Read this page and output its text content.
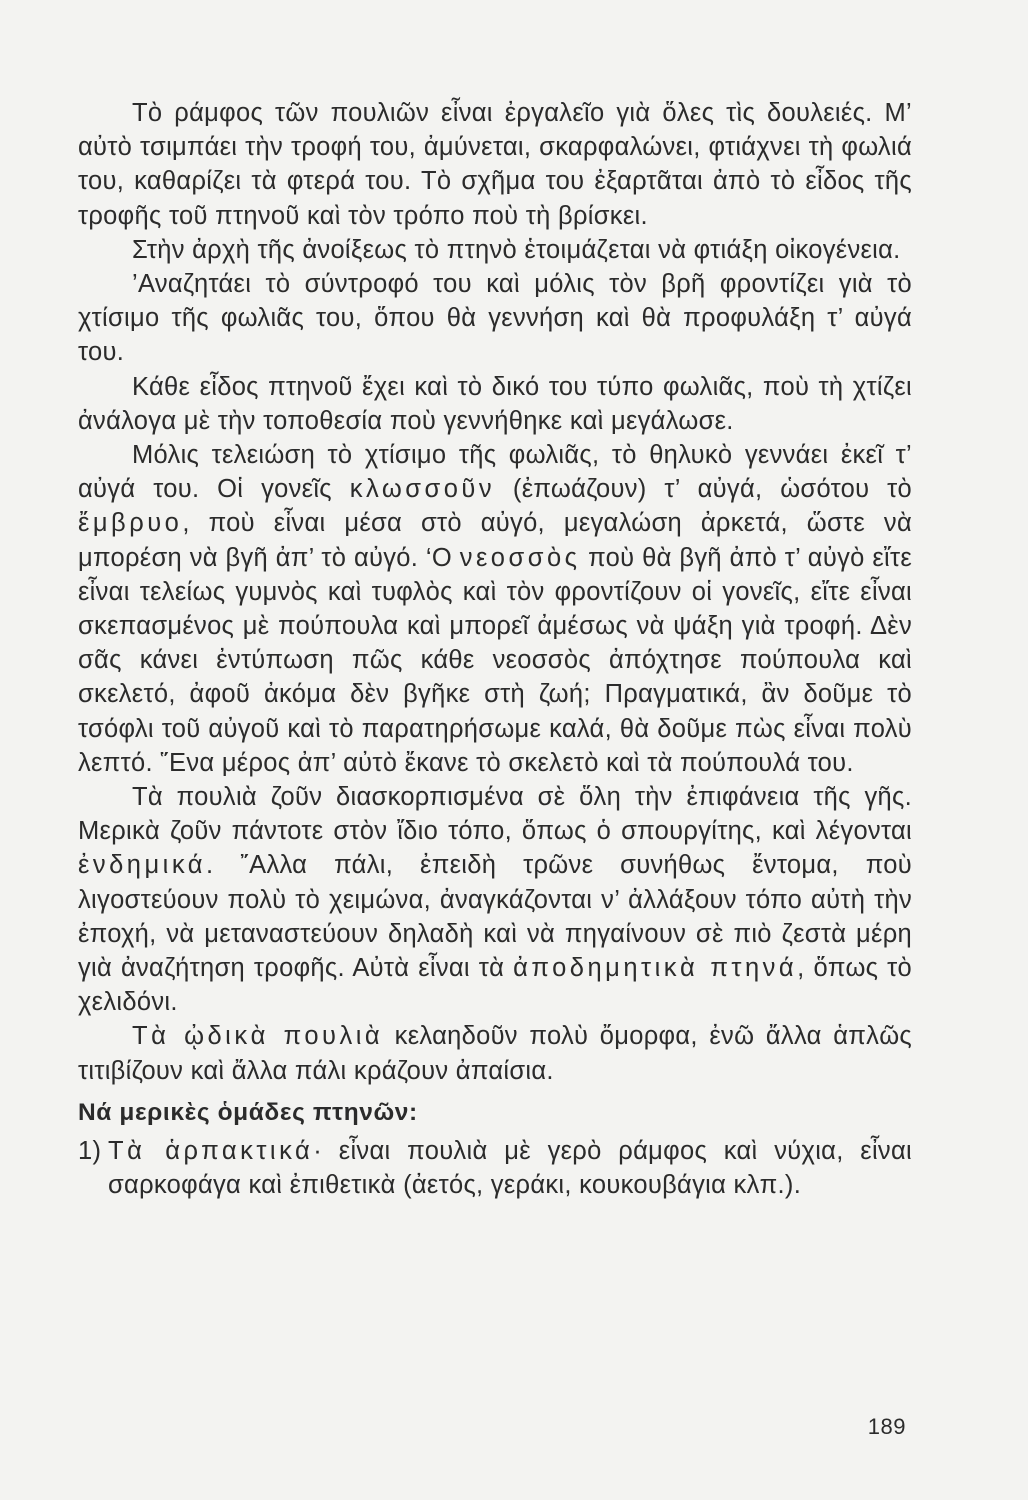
Τὸ ράμφος τῶν πουλιῶν εἶναι ἐργαλεῖο γιὰ ὅλες τὶς δουλειές. Μ’ αὐτὸ τσιμπάει τὴν τροφή του, ἀμύνεται, σκαρφαλώνει, φτιάχνει τὴ φωλιά του, καθαρίζει τὰ φτερά του. Τὸ σχῆμα του ἐξαρτᾶται ἀπὸ τὸ εἶδος τῆς τροφῆς τοῦ πτηνοῦ καὶ τὸν τρόπο ποὺ τὴ βρίσκει.

Στὴν ἀρχὴ τῆς ἀνοίξεως τὸ πτηνὸ ἑτοιμάζεται νὰ φτιάξη οἰκογένεια.

’Αναζητάει τὸ σύντροφό του καὶ μόλις τὸν βρῆ φροντίζει γιὰ τὸ χτίσιμο τῆς φωλιᾶς του, ὅπου θὰ γεννήση καὶ θὰ προφυλάξη τ’ αὐγά του.

Κάθε εἶδος πτηνοῦ ἔχει καὶ τὸ δικό του τύπο φωλιᾶς, ποὺ τὴ χτίζει ἀνάλογα μὲ τὴν τοποθεσία ποὺ γεννήθηκε καὶ μεγάλωσε.

Μόλις τελειώση τὸ χτίσιμο τῆς φωλιᾶς, τὸ θηλυκὸ γεννάει ἐκεῖ τ’ αὐγά του. Οἱ γονεῖς κλωσσοῦν (ἐπωάζουν) τ’ αὐγά, ὡσότου τὸ ἔμβρυο, ποὺ εἶναι μέσα στὸ αὐγό, μεγαλώση ἀρκετά, ὥστε νὰ μπορέση νὰ βγῆ ἀπ’ τὸ αὐγό. ‘Ο νεοσσὸς ποὺ θὰ βγῆ ἀπὸ τ’ αὐγὸ εἴτε εἶναι τελείως γυμνὸς καὶ τυφλὸς καὶ τὸν φροντίζουν οἱ γονεῖς, εἴτε εἶναι σκεπασμένος μὲ πούπουλα καὶ μπορεῖ ἀμέσως νὰ ψάξη γιὰ τροφή. Δὲν σᾶς κάνει ἐντύπωση πῶς κάθε νεοσσὸς ἀπόχτησε πούπουλα καὶ σκελετό, ἀφοῦ ἀκόμα δὲν βγῆκε στὴ ζωή; Πραγματικά, ἂν δοῦμε τὸ τσόφλι τοῦ αὐγοῦ καὶ τὸ παρατηρήσωμε καλά, θὰ δοῦμε πὼς εἶναι πολὺ λεπτό. ῞Ενα μέρος ἀπ’ αὐτὸ ἔκανε τὸ σκελετὸ καὶ τὰ πούπουλά του.

Τὰ πουλιὰ ζοῦν διασκορπισμένα σὲ ὅλη τὴν ἐπιφάνεια τῆς γῆς. Μερικὰ ζοῦν πάντοτε στὸν ἴδιο τόπο, ὅπως ὁ σπουργίτης, καὶ λέγονται ἐνδημικά. ῎Αλλα πάλι, ἐπειδὴ τρῶνε συνήθως ἔντομα, ποὺ λιγοστεύουν πολὺ τὸ χειμώνα, ἀναγκάζονται ν’ ἀλλάξουν τόπο αὐτὴ τὴν ἐποχή, νὰ μεταναστεύουν δηλαδὴ καὶ νὰ πηγαίνουν σὲ πιὸ ζεστὰ μέρη γιὰ ἀναζήτηση τροφῆς. Αὐτὰ εἶναι τὰ ἀποδημητικὰ πτηνά, ὅπως τὸ χελιδόνι.

Τὰ ᾠδικὰ πουλιὰ κελαηδοῦν πολὺ ὄμορφα, ἐνῶ ἄλλα ἁπλῶς τιτιβίζουν καὶ ἄλλα πάλι κράζουν ἀπαίσια.

Νά μερικὲς ὁμάδες πτηνῶν:

1) Τὰ ἁρπακτικά· εἶναι πουλιὰ μὲ γερὸ ράμφος καὶ νύχια, εἶναι σαρκοφάγα καὶ ἐπιθετικὰ (ἀετός, γεράκι, κουκουβάγια κλπ.).

189
